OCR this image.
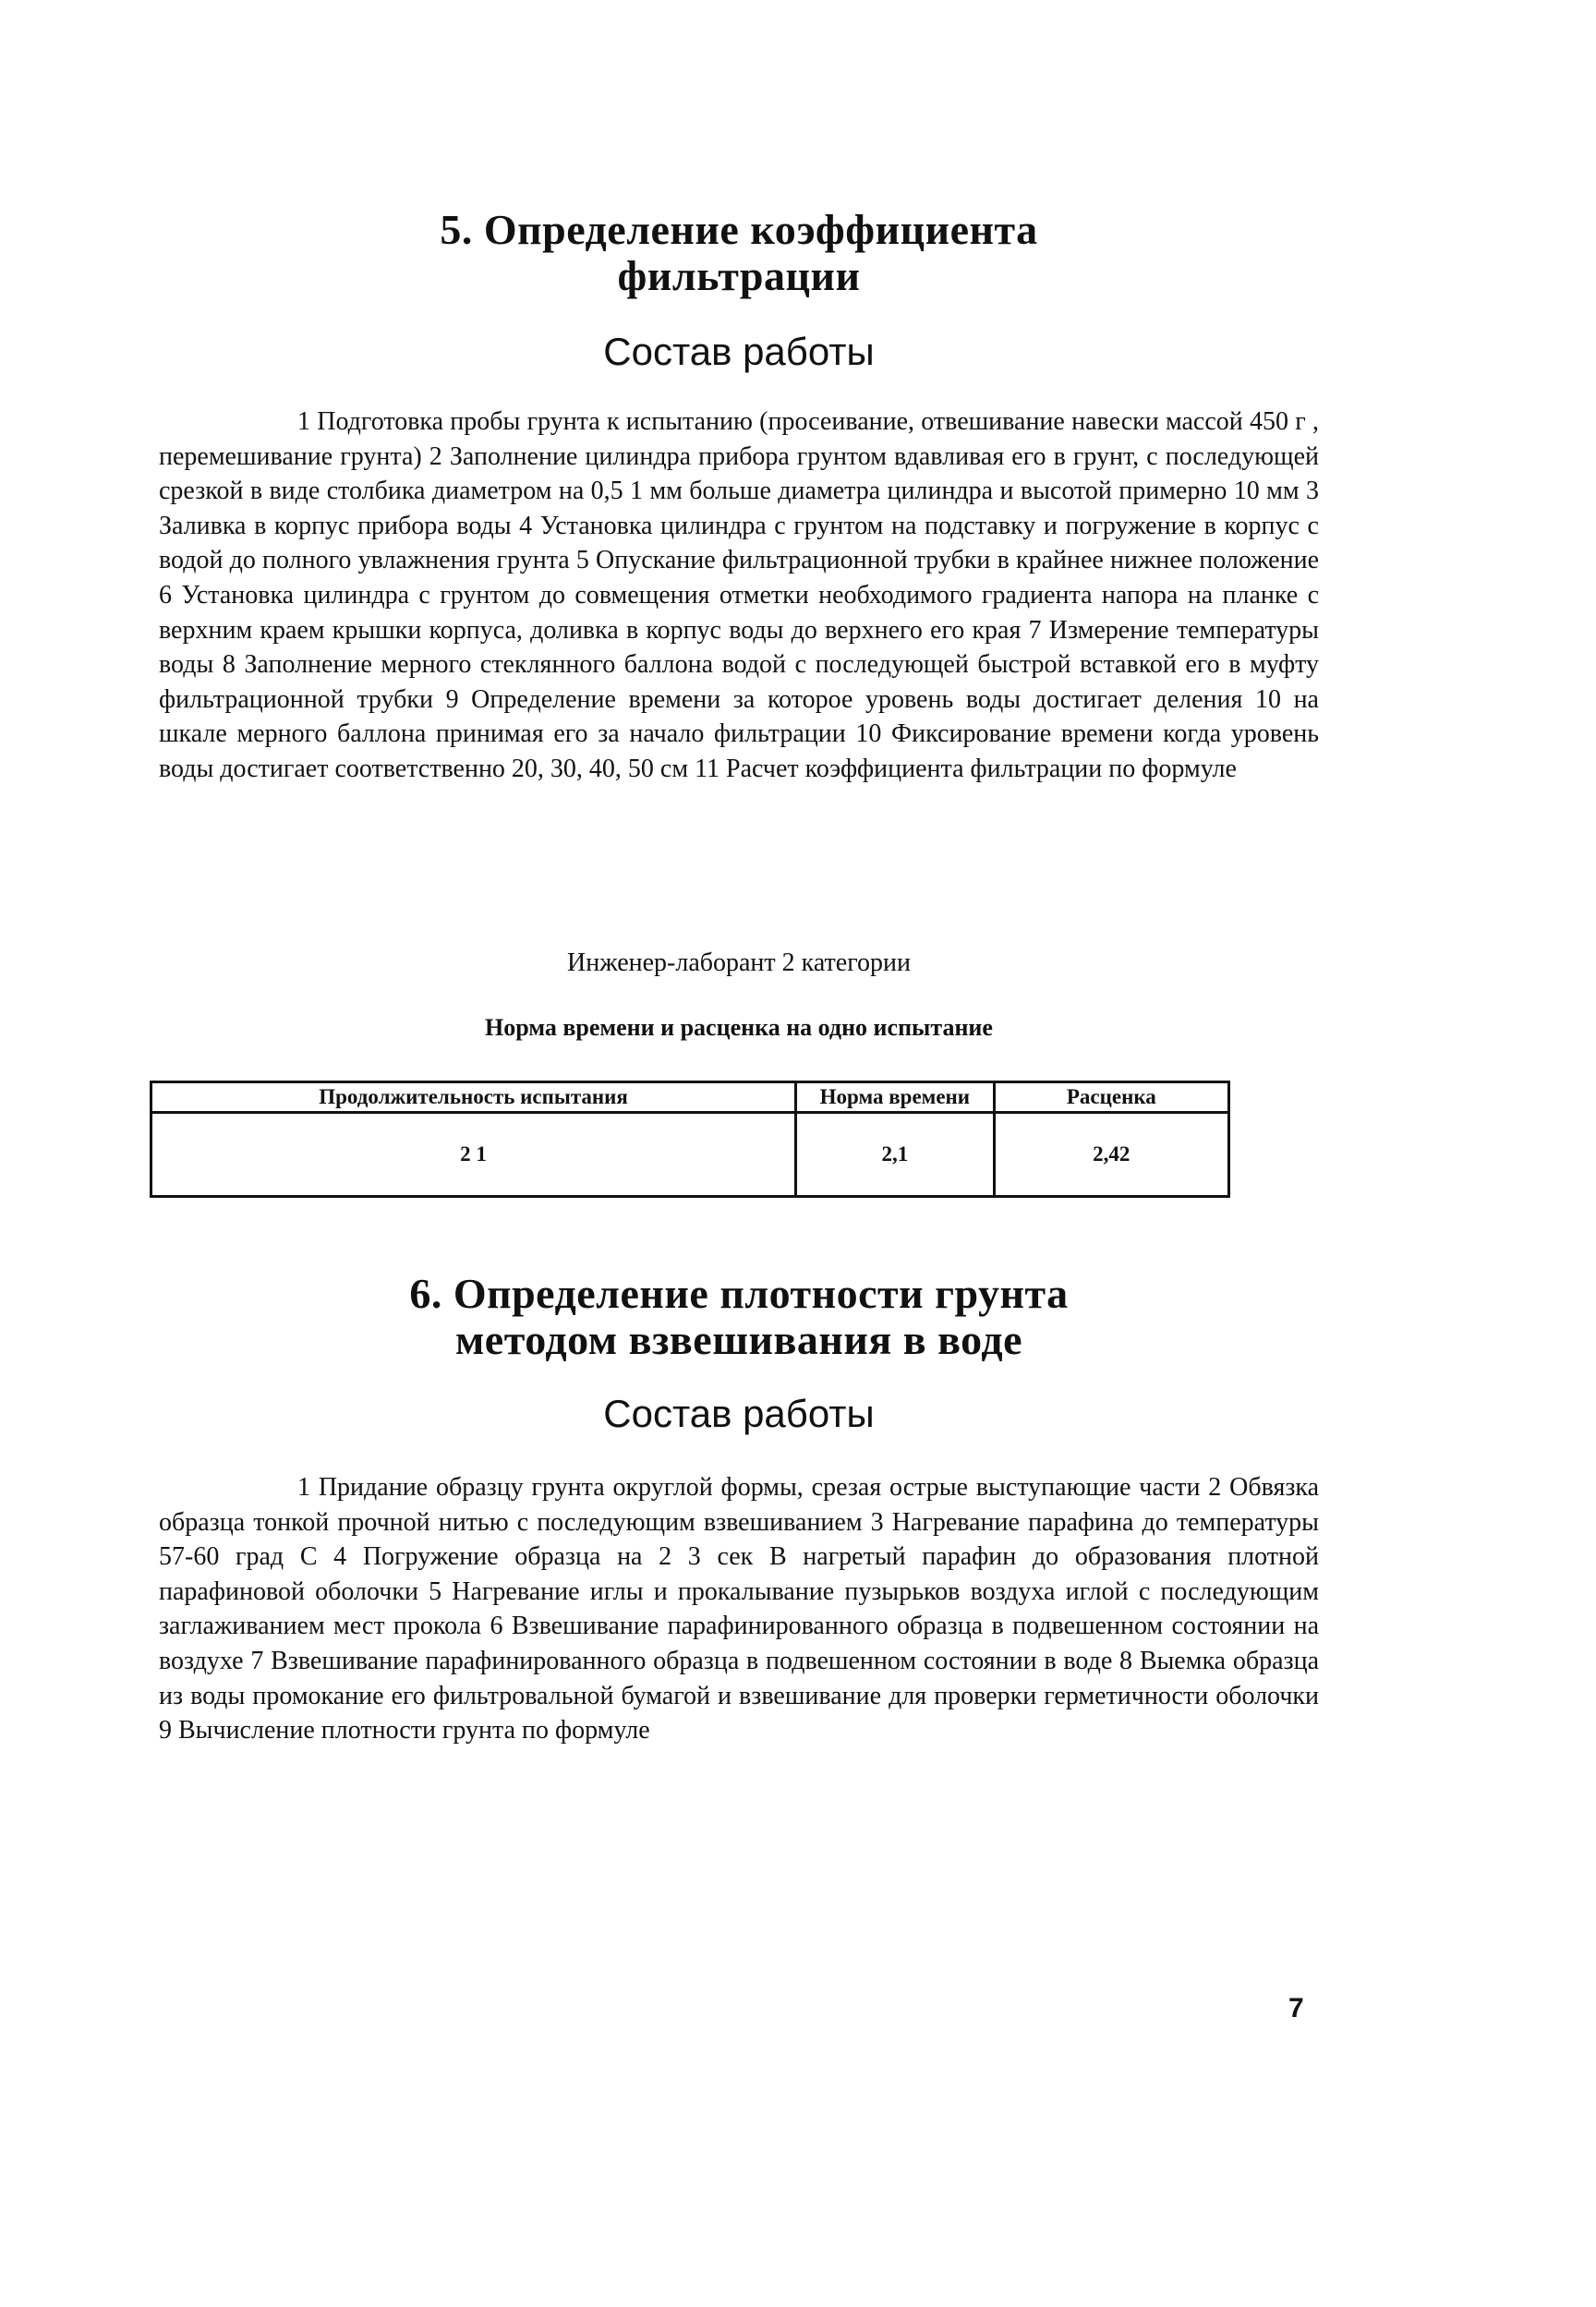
5. Определение коэффициента
фильтрации
Состав работы
1 Подготовка пробы грунта к испытанию (просеивание, отвешивание навески массой 450 г , перемешивание грунта) 2 Заполнение цилиндра прибора грунтом вдавливая его в грунт, с последующей срезкой в виде столбика диаметром на 0,5 1 мм больше диаметра цилиндра и высотой примерно 10 мм 3 Заливка в корпус прибора воды 4 Установка цилиндра с грунтом на подставку и погружение в корпус с водой до полного увлажнения грунта 5 Опускание фильтрационной трубки в крайнее нижнее положение 6 Установка цилиндра с грунтом до совмещения отметки необходимого градиента напора на планке с верхним краем крышки корпуса, доливка в корпус воды до верхнего его края 7 Измерение температуры воды 8 Заполнение мерного стеклянного баллона водой с последующей быстрой вставкой его в муфту фильтрационной трубки 9 Определение времени за которое уровень воды достигает деления 10 на шкале мерного баллона принимая его за начало фильтрации 10 Фиксирование времени когда уровень воды достигает соответственно 20, 30, 40, 50 см 11 Расчет коэффициента фильтрации по формуле
Инженер-лаборант 2 категории
Норма времени и расценка на одно испытание
Продолжительность испытания	Норма времени	Расценка
2 1	2,1	2,42
6. Определение плотности грунта
методом взвешивания в воде
Состав работы
1 Придание образцу грунта округлой формы, срезая острые выступающие части 2 Обвязка образца тонкой прочной нитью с последующим взвешиванием 3 Нагревание парафина до температуры 57-60 град С 4 Погружение образца на 2 3 сек В нагретый парафин до образования плотной парафиновой оболочки 5 Нагревание иглы и прокалывание пузырьков воздуха иглой с последующим заглаживанием мест прокола 6 Взвешивание парафинированного образца в подвешенном состоянии на воздухе 7 Взвешивание парафинированного образца в подвешенном состоянии в воде 8 Выемка образца из воды промокание его фильтровальной бумагой и взвешивание для проверки герметичности оболочки 9 Вычисление плотности грунта по формуле
7
